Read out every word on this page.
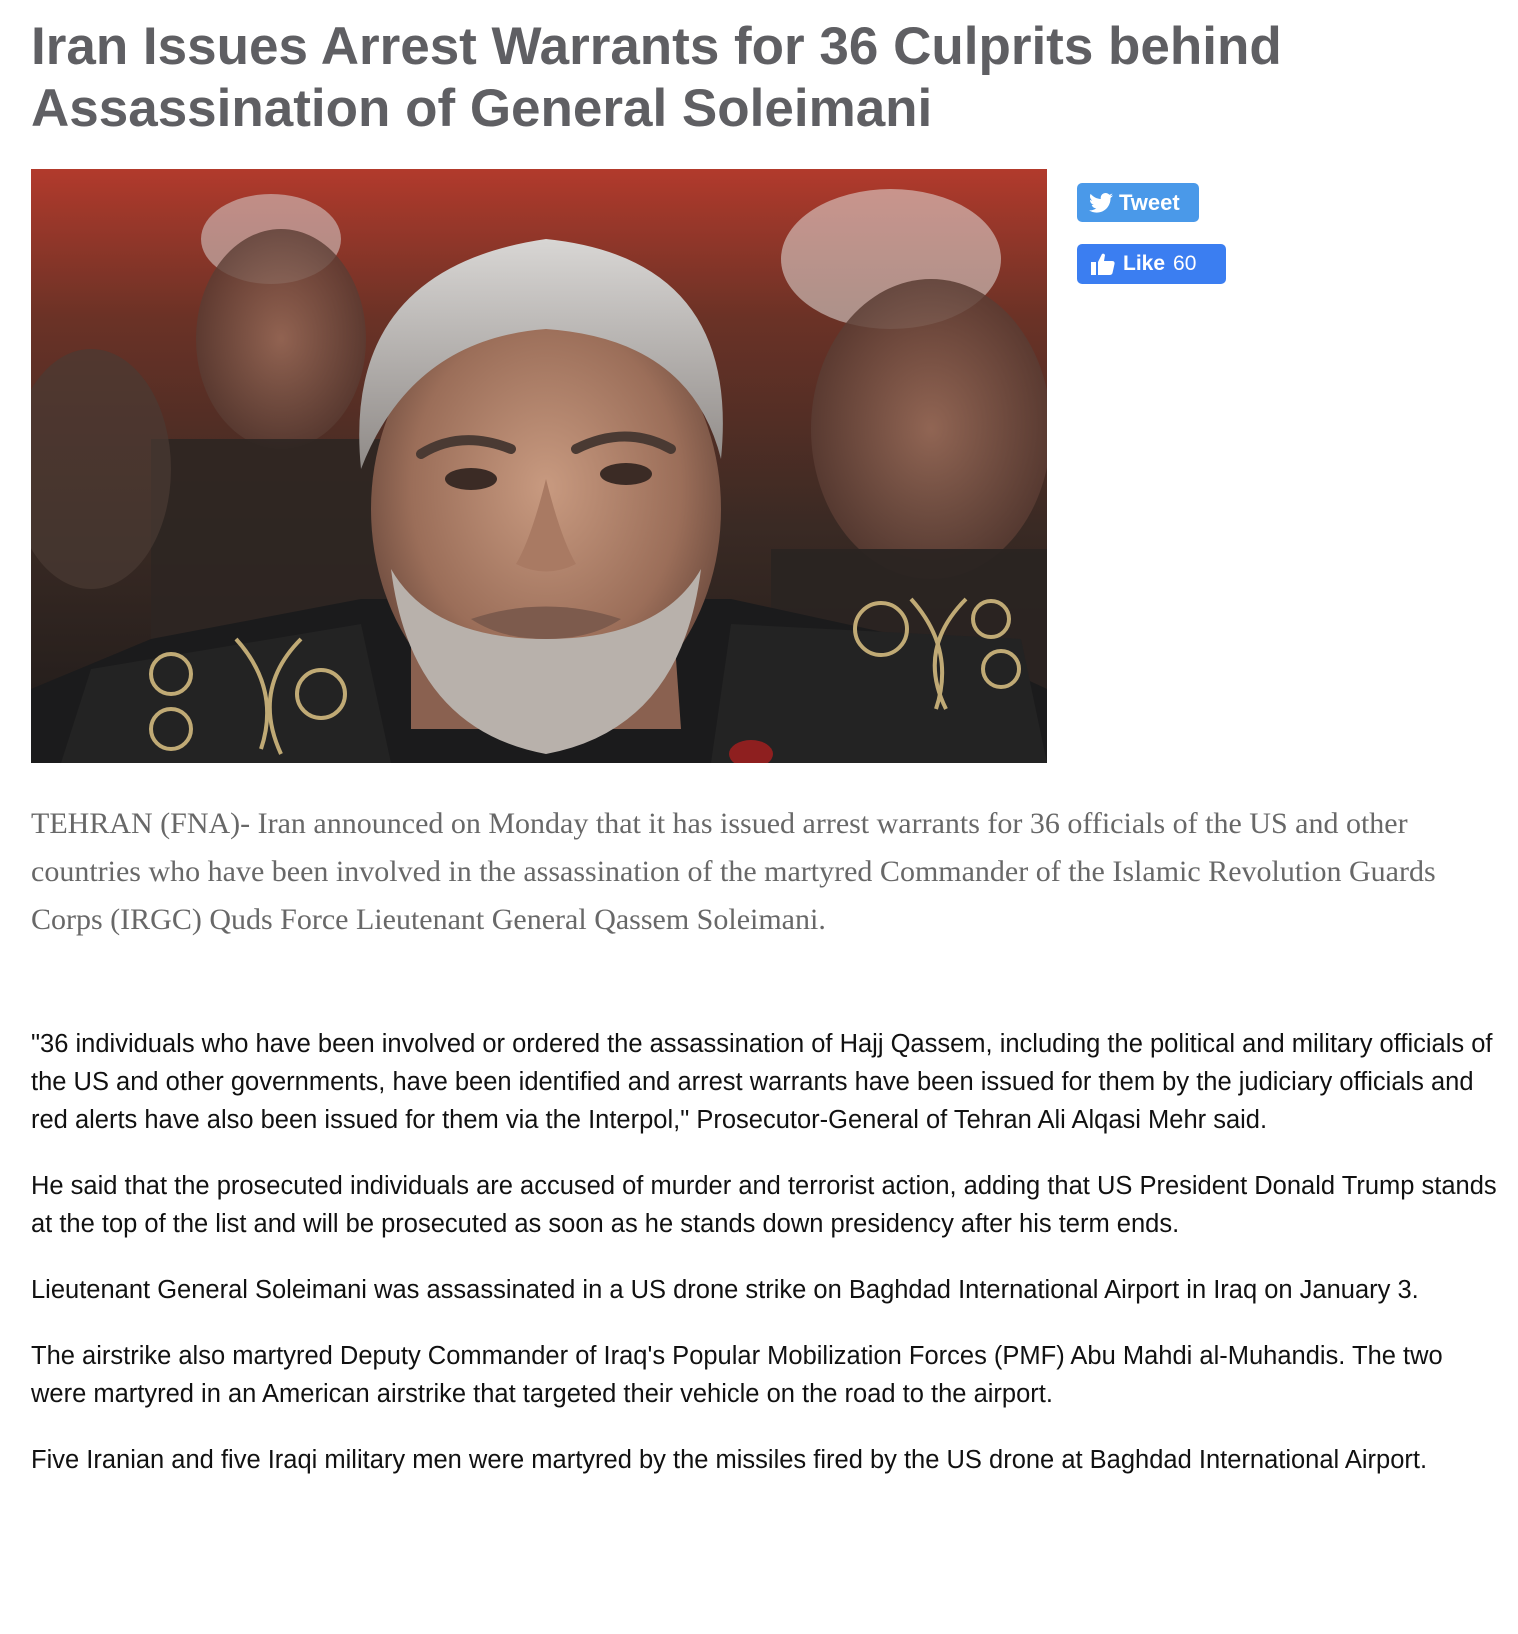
Iran Issues Arrest Warrants for 36 Culprits behind Assassination of General Soleimani
Tweet
Like 60

TEHRAN (FNA)- Iran announced on Monday that it has issued arrest warrants for 36 officials of the US and other countries who have been involved in the assassination of the martyred Commander of the Islamic Revolution Guards Corps (IRGC) Quds Force Lieutenant General Qassem Soleimani.

"36 individuals who have been involved or ordered the assassination of Hajj Qassem, including the political and military officials of the US and other governments, have been identified and arrest warrants have been issued for them by the judiciary officials and red alerts have also been issued for them via the Interpol," Prosecutor-General of Tehran Ali Alqasi Mehr said.

He said that the prosecuted individuals are accused of murder and terrorist action, adding that US President Donald Trump stands at the top of the list and will be prosecuted as soon as he stands down presidency after his term ends.

Lieutenant General Soleimani was assassinated in a US drone strike on Baghdad International Airport in Iraq on January 3.

The airstrike also martyred Deputy Commander of Iraq's Popular Mobilization Forces (PMF) Abu Mahdi al-Muhandis. The two were martyred in an American airstrike that targeted their vehicle on the road to the airport.

Five Iranian and five Iraqi military men were martyred by the missiles fired by the US drone at Baghdad International Airport.
